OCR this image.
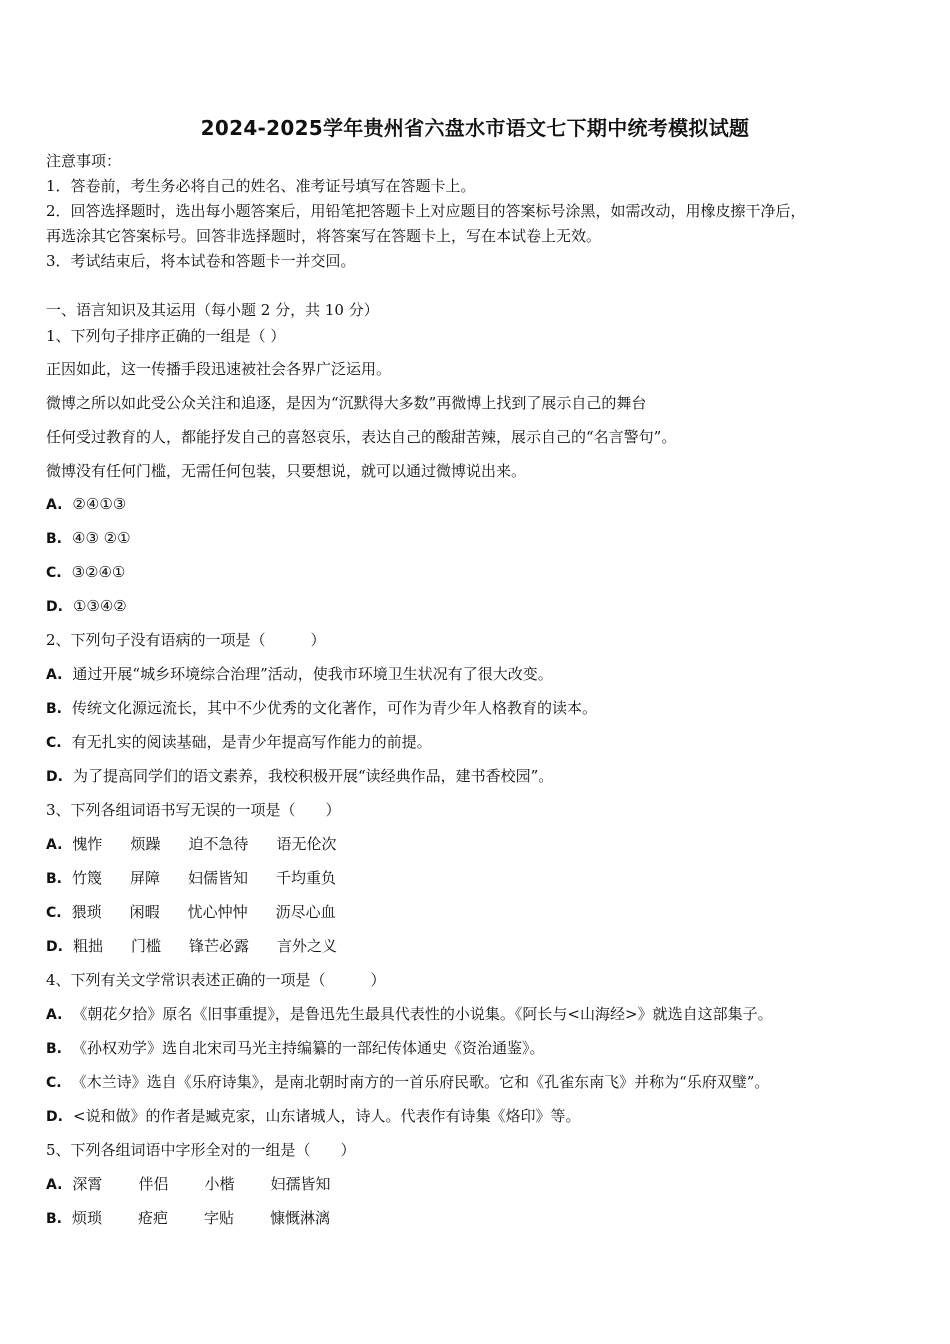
2024-2025学年贵州省六盘水市语文七下期中统考模拟试题
注意事项：
1．答卷前，考生务必将自己的姓名、准考证号填写在答题卡上。
2．回答选择题时，选出每小题答案后，用铅笔把答题卡上对应题目的答案标号涂黑，如需改动，用橡皮擦干净后，
再选涂其它答案标号。回答非选择题时，将答案写在答题卡上，写在本试卷上无效。
3．考试结束后，将本试卷和答题卡一并交回。
一、语言知识及其运用（每小题 2 分，共 10 分）
1、下列句子排序正确的一组是（ ）
正因如此，这一传播手段迅速被社会各界广泛运用。
微博之所以如此受公众关注和追逐，是因为“沉默得大多数”再微博上找到了展示自己的舞台
任何受过教育的人，都能抒发自己的喜怒哀乐，表达自己的酸甜苦辣，展示自己的“名言警句”。
微博没有任何门槛，无需任何包装，只要想说，就可以通过微博说出来。
A. ②④①③
B. ④③ ②①
C. ③②④①
D. ①③④②
2、下列句子没有语病的一项是（　　　）
A. 通过开展“城乡环境综合治理”活动，使我市环境卫生状况有了很大改变。
B. 传统文化源远流长，其中不少优秀的文化著作，可作为青少年人格教育的读本。
C. 有无扎实的阅读基础，是青少年提高写作能力的前提。
D. 为了提高同学们的语文素养，我校积极开展“读经典作品，建书香校园”。
3、下列各组词语书写无误的一项是（　　）
A. 愧怍 烦躁 迫不急待 语无伦次
B. 竹篾 屏障 妇儒皆知 千均重负
C. 猥琐 闲暇 忧心忡忡 沥尽心血
D. 粗拙 门槛 锋芒必露 言外之义
4、下列有关文学常识表述正确的一项是（　　　）
A. 《朝花夕拾》原名《旧事重提》，是鲁迅先生最具代表性的小说集。《阿长与<山海经>》就选自这部集子。
B. 《孙权劝学》选自北宋司马光主持编纂的一部纪传体通史《资治通鉴》。
C. 《木兰诗》选自《乐府诗集》，是南北朝时南方的一首乐府民歌。它和《孔雀东南飞》并称为“乐府双璧”。
D. <说和做》的作者是臧克家，山东诸城人，诗人。代表作有诗集《烙印》等。
5、下列各组词语中字形全对的一组是（　　）
A. 深霄 伴侣 小楷 妇孺皆知
B. 烦琐 疮疤 字贴 慷慨淋漓
